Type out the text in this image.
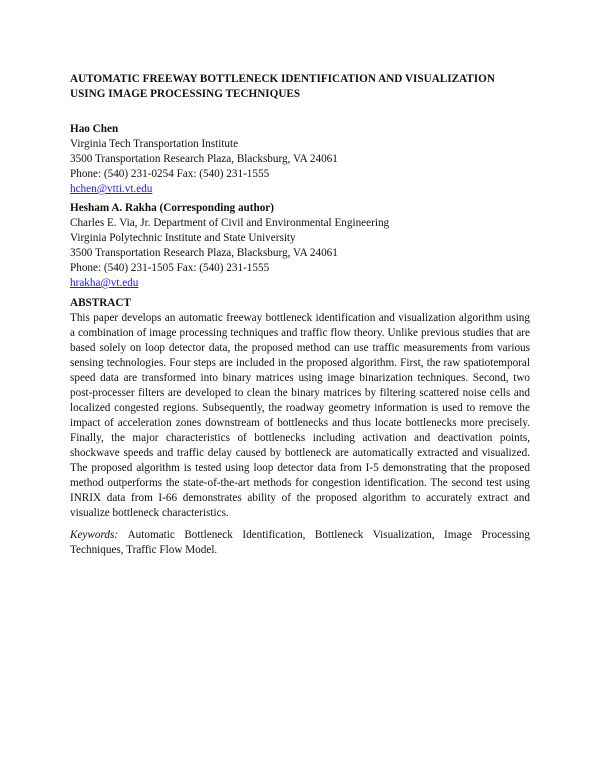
AUTOMATIC FREEWAY BOTTLENECK IDENTIFICATION AND VISUALIZATION
USING IMAGE PROCESSING TECHNIQUES
Hao Chen
Virginia Tech Transportation Institute
3500 Transportation Research Plaza, Blacksburg, VA 24061
Phone: (540) 231-0254 Fax: (540) 231-1555
hchen@vtti.vt.edu
Hesham A. Rakha (Corresponding author)
Charles E. Via, Jr. Department of Civil and Environmental Engineering
Virginia Polytechnic Institute and State University
3500 Transportation Research Plaza, Blacksburg, VA 24061
Phone: (540) 231-1505 Fax: (540) 231-1555
hrakha@vt.edu
ABSTRACT
This paper develops an automatic freeway bottleneck identification and visualization algorithm using a combination of image processing techniques and traffic flow theory. Unlike previous studies that are based solely on loop detector data, the proposed method can use traffic measurements from various sensing technologies. Four steps are included in the proposed algorithm. First, the raw spatiotemporal speed data are transformed into binary matrices using image binarization techniques. Second, two post-processer filters are developed to clean the binary matrices by filtering scattered noise cells and localized congested regions. Subsequently, the roadway geometry information is used to remove the impact of acceleration zones downstream of bottlenecks and thus locate bottlenecks more precisely. Finally, the major characteristics of bottlenecks including activation and deactivation points, shockwave speeds and traffic delay caused by bottleneck are automatically extracted and visualized. The proposed algorithm is tested using loop detector data from I-5 demonstrating that the proposed method outperforms the state-of-the-art methods for congestion identification. The second test using INRIX data from I-66 demonstrates ability of the proposed algorithm to accurately extract and visualize bottleneck characteristics.
Keywords: Automatic Bottleneck Identification, Bottleneck Visualization, Image Processing Techniques, Traffic Flow Model.
